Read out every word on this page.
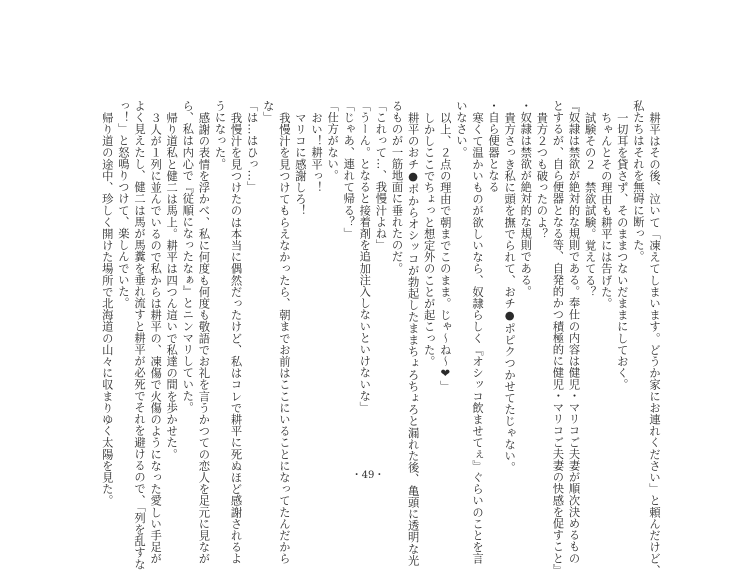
耕平はその後、泣いて「凍えてしまいます。どうか家にお連れください」と頼んだけど、
私たちはそれを無碍に断った。
一切耳を貸さず、そのままつないだままにしておく。
ちゃんとその理由も耕平には告げた。
試験その２　禁欲試験。覚えてる？
『奴隷は禁欲が絶対的な規則である。奉仕の内容は健児・マリコご夫妻が順次決めるもの
とするが、自ら便器となる等、自発的かつ積極的に健児・マリコご夫妻の快感を促すこと』
貴方２つも破ったのよ？
・奴隷は禁欲が絶対的な規則である。
貴方さっき私に頭を撫でられて、おチ●ポピクつかせてたじゃない。
・自ら便器となる
寒くて温かいものが欲しいなら、奴隷らしく『オシッコ飲ませてぇ』ぐらいのことを言
いなさい。
以上、２点の理由で朝までこのまま。じゃ～ね～❤」
しかしここでちょっと想定外のことが起こった。
耕平のおチ●ポからオシッコが勃起したままちょろちょろと漏れた後、亀頭に透明な光
るものが一筋地面に垂れたのだ。
「これって…、我慢汁よね」
「うーん。となると接着剤を追加注入しないといけないな」
「じゃあ、連れて帰る？」
「仕方がない。
おい！耕平っ！
マリコに感謝しろ！
我慢汁を見つけてもらえなかったら、朝までお前はここにいることになってたんだから
な」
「は…はひっ…」
我慢汁を見つけたのは本当に偶然だったけど、私はコレで耕平に死ぬほど感謝されるよ
うになった。
感謝の表情を浮かべ、私に何度も何度も敬語でお礼を言うかつての恋人を足元に見なが
ら、私は内心で『従順になったなぁ』とニンマリしていた。
帰り道私と健二は馬上。耕平は四つん這いで私達の間を歩かせた。
３人が１列に並んでいるので私からは耕平の、凍傷で火傷のようになった愛しい手足が
よく見えたし、健二は馬が馬糞を垂れ流すと耕平が必死でそれを避けるので、「列を乱すな
っ！」と怒鳴りつけて、楽しんでいた。
帰り道の途中、珍しく開けた場所で北海道の山々に収まりゆく太陽を見た。	・49・
